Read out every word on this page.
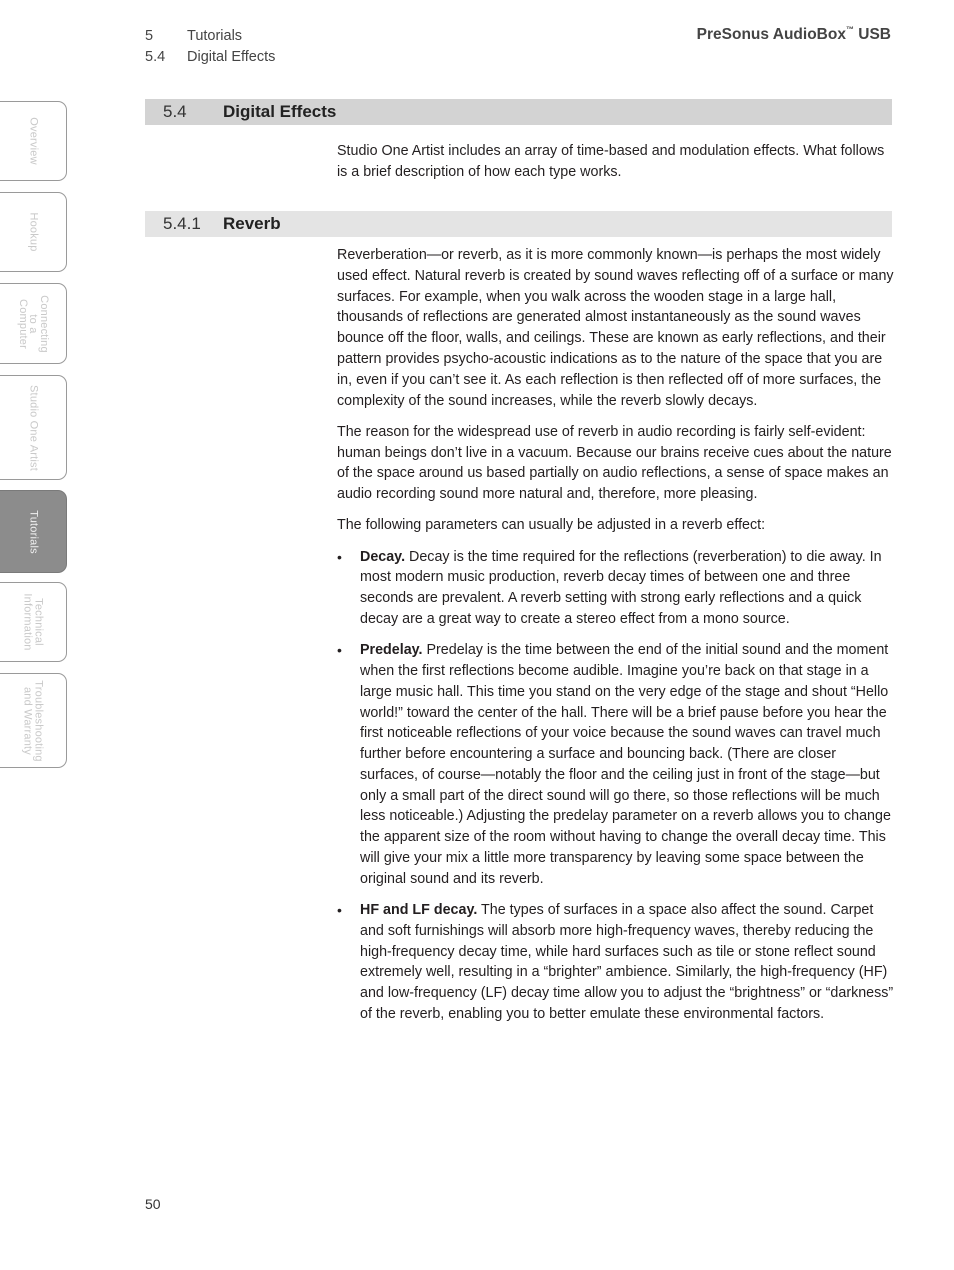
5	Tutorials
5.4	Digital Effects
PreSonus AudioBox™ USB
Overview
Hookup
Connecting
to a
Computer
Studio One Artist
Tutorials
Technical
Information
Troubleshooting
and Warranty
5.4	Digital Effects

Studio One Artist includes an array of time-based and modulation effects. What follows is a brief description of how each type works.

5.4.1	Reverb

Reverberation—or reverb, as it is more commonly known—is perhaps the most widely used effect. Natural reverb is created by sound waves reflecting off of a surface or many surfaces. For example, when you walk across the wooden stage in a large hall, thousands of reflections are generated almost instantaneously as the sound waves bounce off the floor, walls, and ceilings. These are known as early reflections, and their pattern provides psycho-acoustic indications as to the nature of the space that you are in, even if you can’t see it. As each reflection is then reflected off of more surfaces, the complexity of the sound increases, while the reverb slowly decays.

The reason for the widespread use of reverb in audio recording is fairly self-evident: human beings don’t live in a vacuum. Because our brains receive cues about the nature of the space around us based partially on audio reflections, a sense of space makes an audio recording sound more natural and, therefore, more pleasing.

The following parameters can usually be adjusted in a reverb effect:

• Decay. Decay is the time required for the reflections (reverberation) to die away. In most modern music production, reverb decay times of between one and three seconds are prevalent. A reverb setting with strong early reflections and a quick decay are a great way to create a stereo effect from a mono source.
• Predelay. Predelay is the time between the end of the initial sound and the moment when the first reflections become audible. Imagine you’re back on that stage in a large music hall. This time you stand on the very edge of the stage and shout “Hello world!” toward the center of the hall. There will be a brief pause before you hear the first noticeable reflections of your voice because the sound waves can travel much further before encountering a surface and bouncing back. (There are closer surfaces, of course—notably the floor and the ceiling just in front of the stage—but only a small part of the direct sound will go there, so those reflections will be much less noticeable.) Adjusting the predelay parameter on a reverb allows you to change the apparent size of the room without having to change the overall decay time. This will give your mix a little more transparency by leaving some space between the original sound and its reverb.
• HF and LF decay. The types of surfaces in a space also affect the sound. Carpet and soft furnishings will absorb more high-frequency waves, thereby reducing the high-frequency decay time, while hard surfaces such as tile or stone reflect sound extremely well, resulting in a “brighter” ambience. Similarly, the high-frequency (HF) and low-frequency (LF) decay time allow you to adjust the “brightness” or “darkness” of the reverb, enabling you to better emulate these environmental factors.
50
